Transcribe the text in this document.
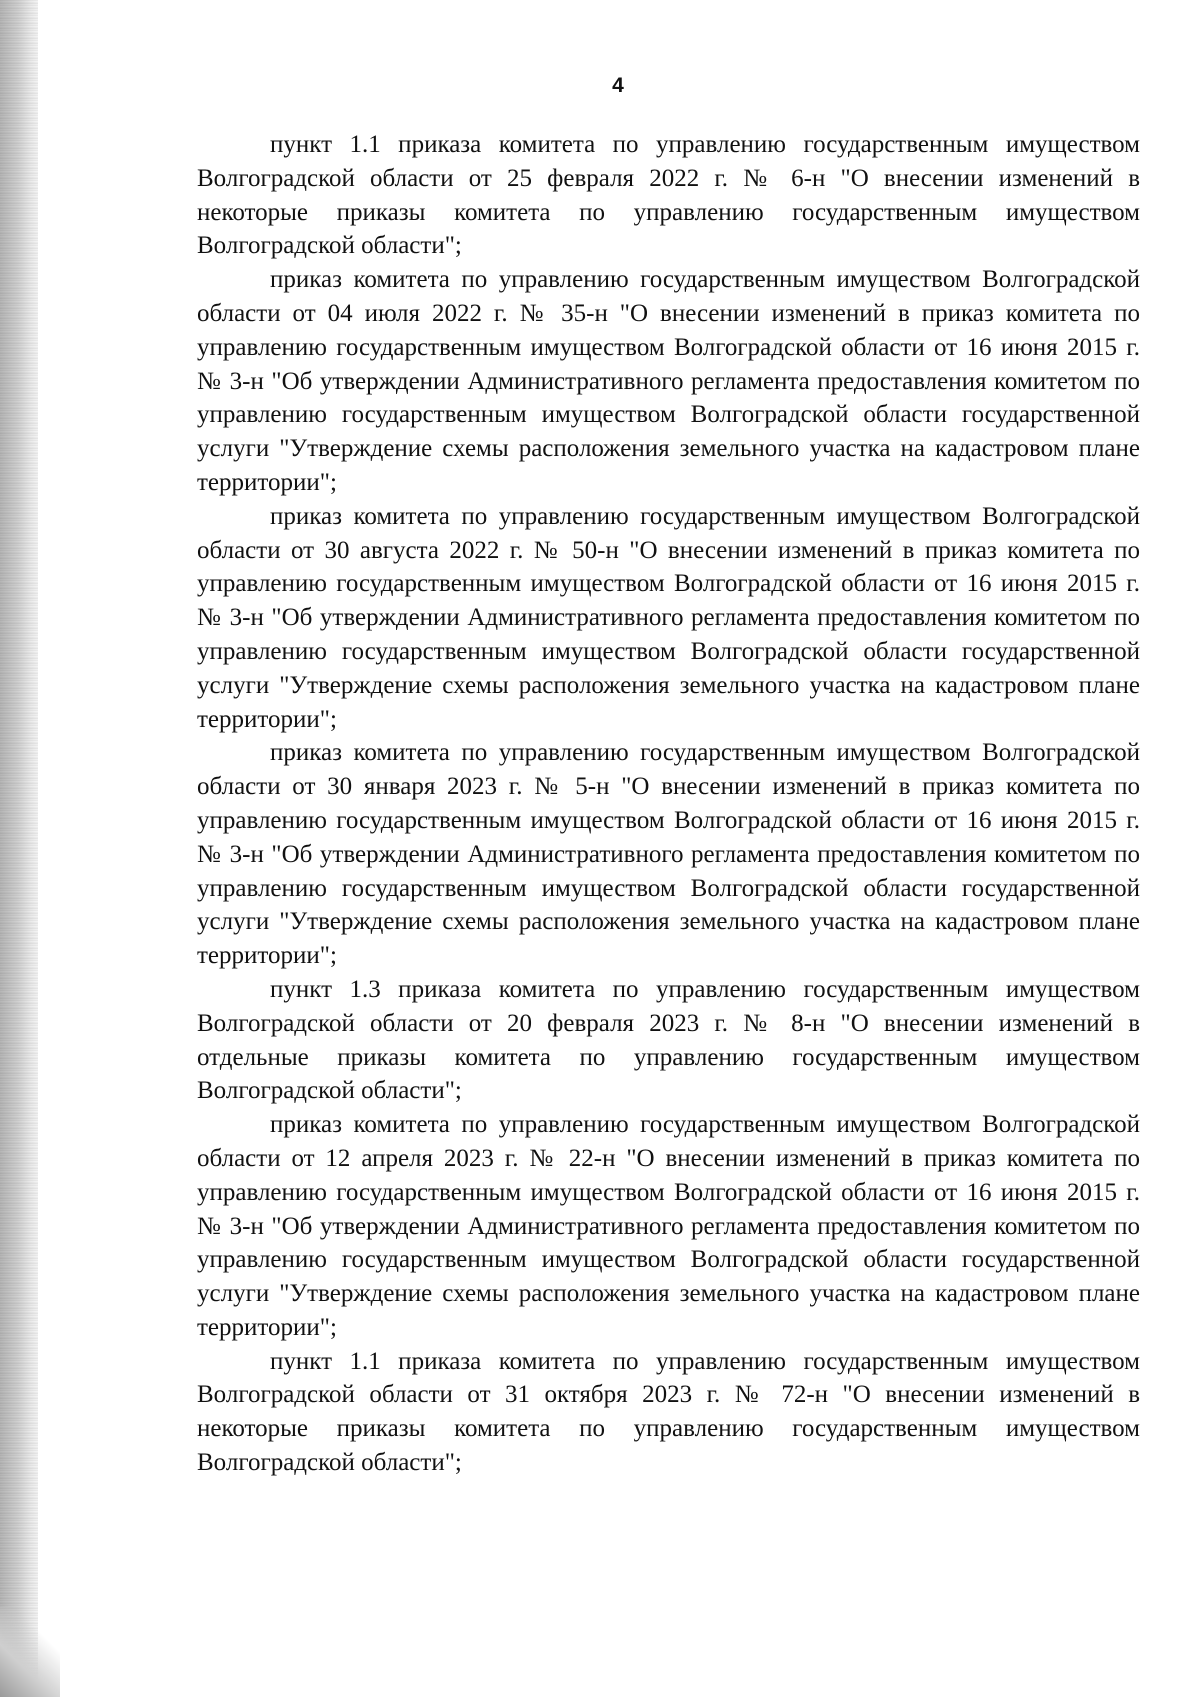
4

пункт 1.1 приказа комитета по управлению государственным имуществом Волгоградской области от 25 февраля 2022 г. № 6-н "О внесении изменений в некоторые приказы комитета по управлению государственным имуществом Волгоградской области";

приказ комитета по управлению государственным имуществом Волгоградской области от 04 июля 2022 г. № 35-н "О внесении изменений в приказ комитета по управлению государственным имуществом Волгоградской области от 16 июня 2015 г. № 3-н "Об утверждении Административного регламента предоставления комитетом по управлению государственным имуществом Волгоградской области государственной услуги "Утверждение схемы расположения земельного участка на кадастровом плане территории";

приказ комитета по управлению государственным имуществом Волгоградской области от 30 августа 2022 г. № 50-н "О внесении изменений в приказ комитета по управлению государственным имуществом Волгоградской области от 16 июня 2015 г. № 3-н "Об утверждении Административного регламента предоставления комитетом по управлению государственным имуществом Волгоградской области государственной услуги "Утверждение схемы расположения земельного участка на кадастровом плане территории";

приказ комитета по управлению государственным имуществом Волгоградской области от 30 января 2023 г. № 5-н "О внесении изменений в приказ комитета по управлению государственным имуществом Волгоградской области от 16 июня 2015 г. № 3-н "Об утверждении Административного регламента предоставления комитетом по управлению государственным имуществом Волгоградской области государственной услуги "Утверждение схемы расположения земельного участка на кадастровом плане территории";

пункт 1.3 приказа комитета по управлению государственным имуществом Волгоградской области от 20 февраля 2023 г. № 8-н "О внесении изменений в отдельные приказы комитета по управлению государственным имуществом Волгоградской области";

приказ комитета по управлению государственным имуществом Волгоградской области от 12 апреля 2023 г. № 22-н "О внесении изменений в приказ комитета по управлению государственным имуществом Волгоградской области от 16 июня 2015 г. № 3-н "Об утверждении Административного регламента предоставления комитетом по управлению государственным имуществом Волгоградской области государственной услуги "Утверждение схемы расположения земельного участка на кадастровом плане территории";

пункт 1.1 приказа комитета по управлению государственным имуществом Волгоградской области от 31 октября 2023 г. № 72-н "О внесении изменений в некоторые приказы комитета по управлению государственным имуществом Волгоградской области";
